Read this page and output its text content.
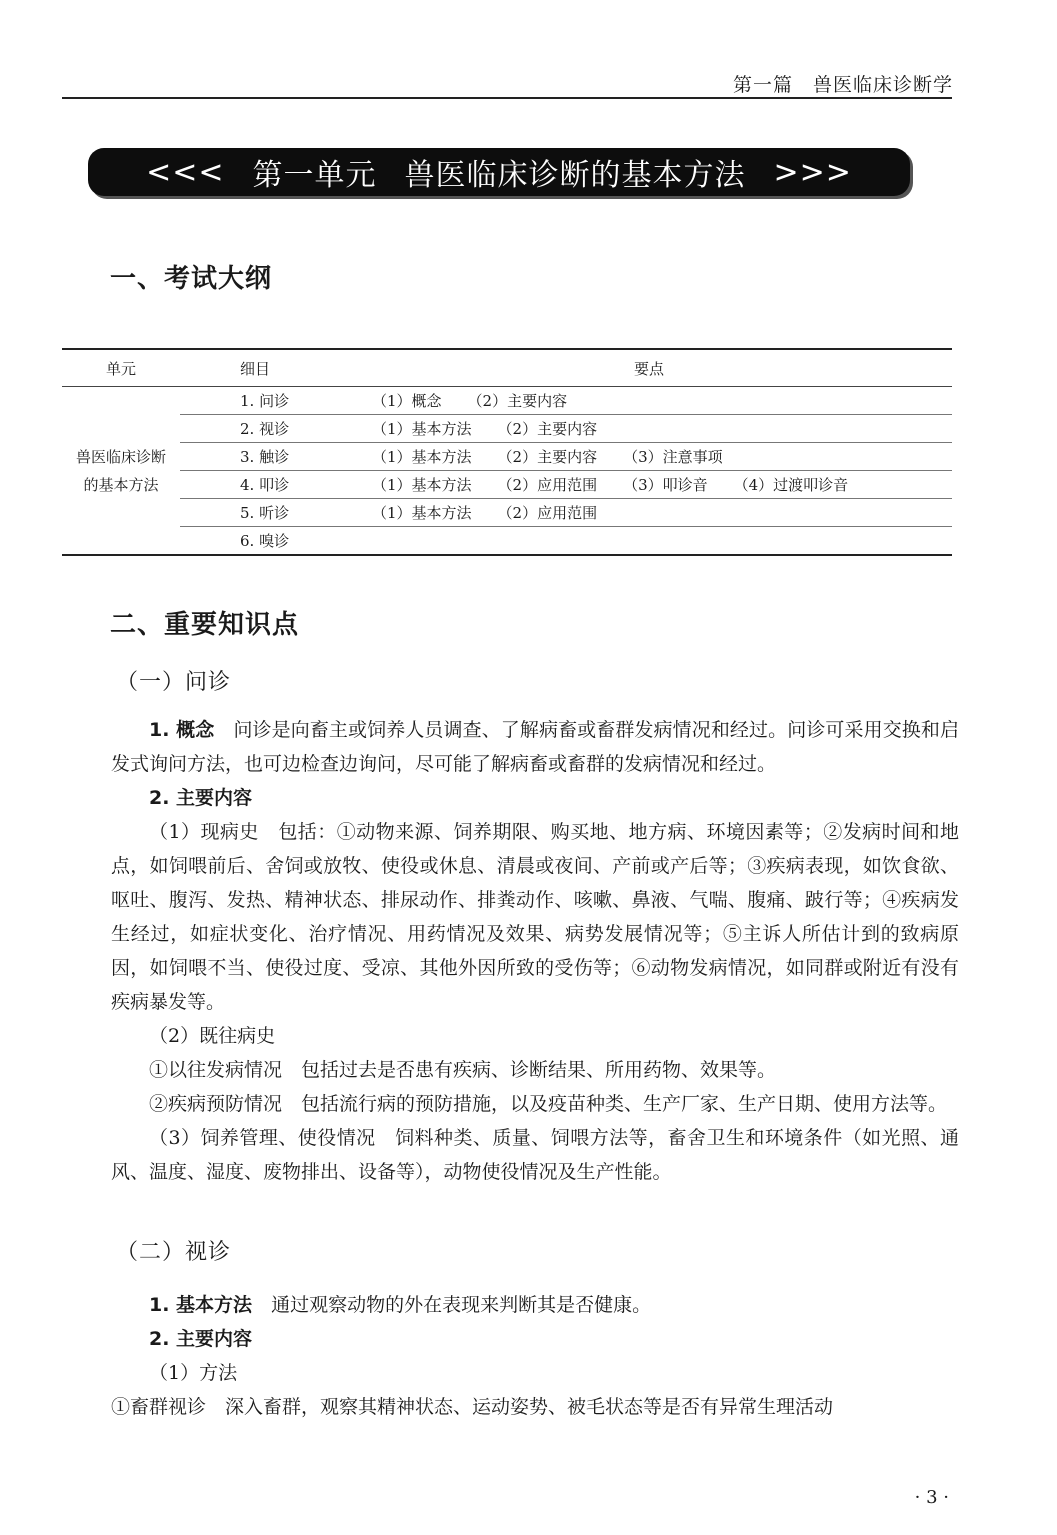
第一篇　兽医临床诊断学
<<< 第一单元 兽医临床诊断的基本方法 >>>
一、考试大纲
单元	细目	要点

兽医临床诊断
的基本方法	1. 问诊	（1）概念 （2）主要内容
	2. 视诊	（1）基本方法 （2）主要内容
	3. 触诊	（1）基本方法 （2）主要内容 （3）注意事项
	4. 叩诊	（1）基本方法 （2）应用范围 （3）叩诊音 （4）过渡叩诊音
	5. 听诊	（1）基本方法 （2）应用范围
	6. 嗅诊	
二、重要知识点
（一）问诊

1. 概念　 问诊是向畜主或饲养人员调查、了解病畜或畜群发病情况和经过。问诊可采用交换和启发式询问方法，也可边检查边询问，尽可能了解病畜或畜群的发病情况和经过。

2. 主要内容

（1）现病史　包括：①动物来源、饲养期限、购买地、地方病、环境因素等；②发病时间和地点，如饲喂前后、舍饲或放牧、使役或休息、清晨或夜间、产前或产后等；③疾病表现，如饮食欲、呕吐、腹泻、发热、精神状态、排尿动作、排粪动作、咳嗽、鼻液、气喘、腹痛、跛行等；④疾病发生经过，如症状变化、治疗情况、用药情况及效果、病势发展情况等；⑤主诉人所估计到的致病原因，如饲喂不当、使役过度、受凉、其他外因所致的受伤等；⑥动物发病情况，如同群或附近有没有疾病暴发等。

（2）既往病史

①以往发病情况　包括过去是否患有疾病、诊断结果、所用药物、效果等。

②疾病预防情况　包括流行病的预防措施，以及疫苗种类、生产厂家、生产日期、使用方法等。

（3）饲养管理、使役情况　饲料种类、质量、饲喂方法等，畜舍卫生和环境条件（如光照、通风、温度、湿度、废物排出、设备等），动物使役情况及生产性能。

（二）视诊

1. 基本方法　 通过观察动物的外在表现来判断其是否健康。

2. 主要内容

（1）方法

①畜群视诊　深入畜群，观察其精神状态、运动姿势、被毛状态等是否有异常生理活动

· 3 ·
